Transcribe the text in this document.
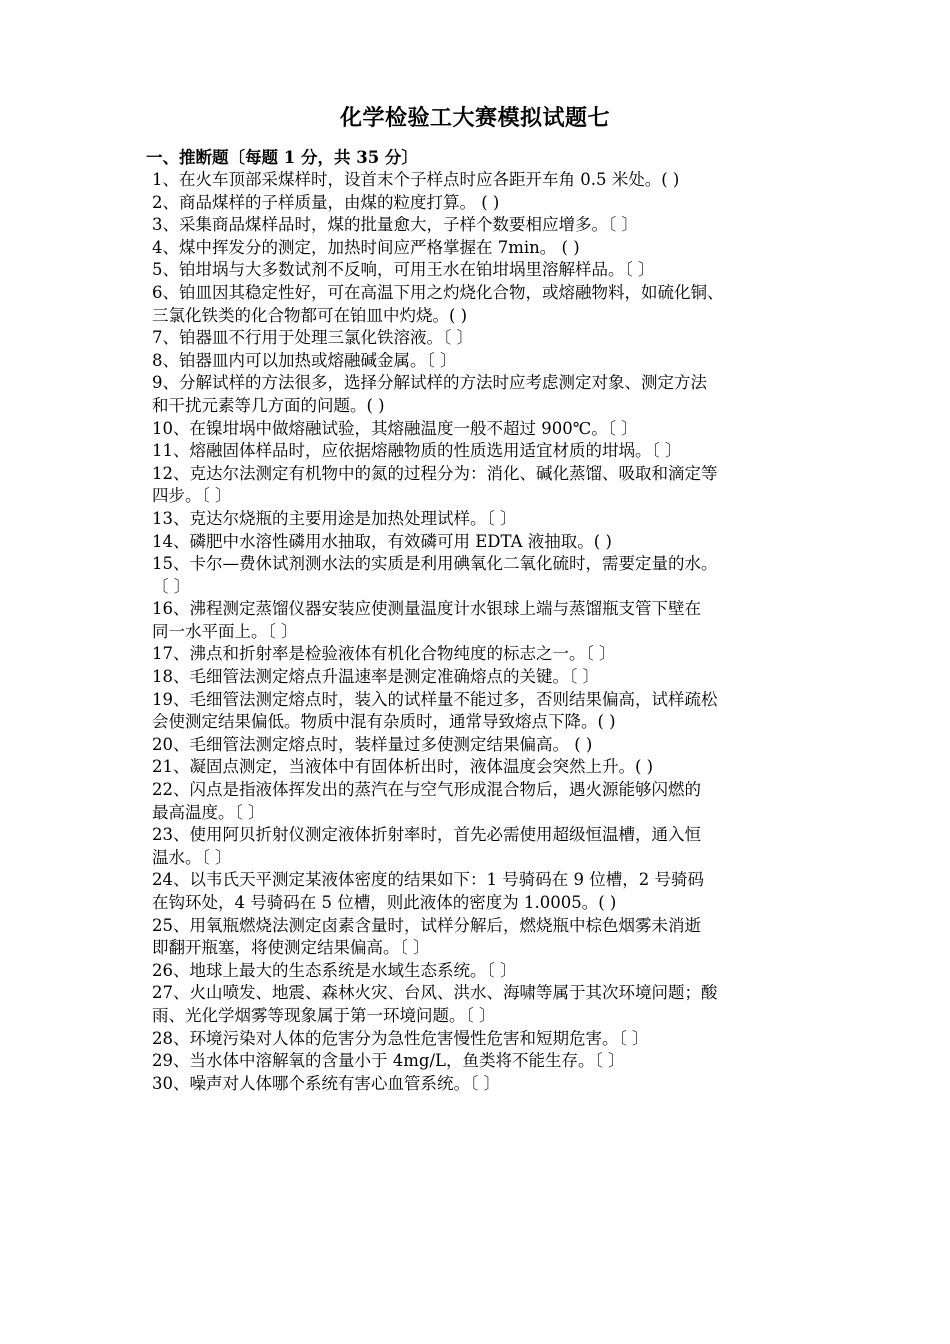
化学检验工大赛模拟试题七
一、推断题〔每题 1 分，共 35 分〕
1、在火车顶部采煤样时，设首末个子样点时应各距开车角 0.5 米处。( )
2、商品煤样的子样质量，由煤的粒度打算。 ( )
3、采集商品煤样品时，煤的批量愈大，子样个数要相应增多。〔 〕
4、煤中挥发分的测定，加热时间应严格掌握在 7min。 ( )
5、铂坩埚与大多数试剂不反响，可用王水在铂坩埚里溶解样品。〔 〕
6、铂皿因其稳定性好，可在高温下用之灼烧化合物，或熔融物料，如硫化铜、
三氯化铁类的化合物都可在铂皿中灼烧。( )
7、铂器皿不行用于处理三氯化铁溶液。〔 〕
8、铂器皿内可以加热或熔融碱金属。〔 〕
9、分解试样的方法很多，选择分解试样的方法时应考虑测定对象、测定方法
和干扰元素等几方面的问题。( )
10、在镍坩埚中做熔融试验，其熔融温度一般不超过 900℃。〔 〕
11、熔融固体样品时，应依据熔融物质的性质选用适宜材质的坩埚。〔 〕
12、克达尔法测定有机物中的氮的过程分为：消化、碱化蒸馏、吸取和滴定等
四步。〔 〕
13、克达尔烧瓶的主要用途是加热处理试样。〔 〕
14、磷肥中水溶性磷用水抽取，有效磷可用 EDTA 液抽取。( )
15、卡尔—费休试剂测水法的实质是利用碘氧化二氧化硫时，需要定量的水。
〔 〕
16、沸程测定蒸馏仪器安装应使测量温度计水银球上端与蒸馏瓶支管下壁在
同一水平面上。〔 〕
17、沸点和折射率是检验液体有机化合物纯度的标志之一。〔 〕
18、毛细管法测定熔点升温速率是测定准确熔点的关键。〔 〕
19、毛细管法测定熔点时，装入的试样量不能过多，否则结果偏高，试样疏松
会使测定结果偏低。物质中混有杂质时，通常导致熔点下降。( )
20、毛细管法测定熔点时，装样量过多使测定结果偏高。 ( )
21、凝固点测定，当液体中有固体析出时，液体温度会突然上升。( )
22、闪点是指液体挥发出的蒸汽在与空气形成混合物后，遇火源能够闪燃的
最高温度。〔 〕
23、使用阿贝折射仪测定液体折射率时，首先必需使用超级恒温槽，通入恒
温水。〔 〕
24、以韦氏天平测定某液体密度的结果如下：1 号骑码在 9 位槽，2 号骑码
在钩环处，4 号骑码在 5 位槽，则此液体的密度为 1.0005。( )
25、用氧瓶燃烧法测定卤素含量时，试样分解后，燃烧瓶中棕色烟雾未消逝
即翻开瓶塞，将使测定结果偏高。〔 〕
26、地球上最大的生态系统是水域生态系统。〔 〕
27、火山喷发、地震、森林火灾、台风、洪水、海啸等属于其次环境问题；酸
雨、光化学烟雾等现象属于第一环境问题。〔 〕
28、环境污染对人体的危害分为急性危害慢性危害和短期危害。〔 〕
29、当水体中溶解氧的含量小于 4mg/L，鱼类将不能生存。〔 〕
30、噪声对人体哪个系统有害心血管系统。〔 〕
